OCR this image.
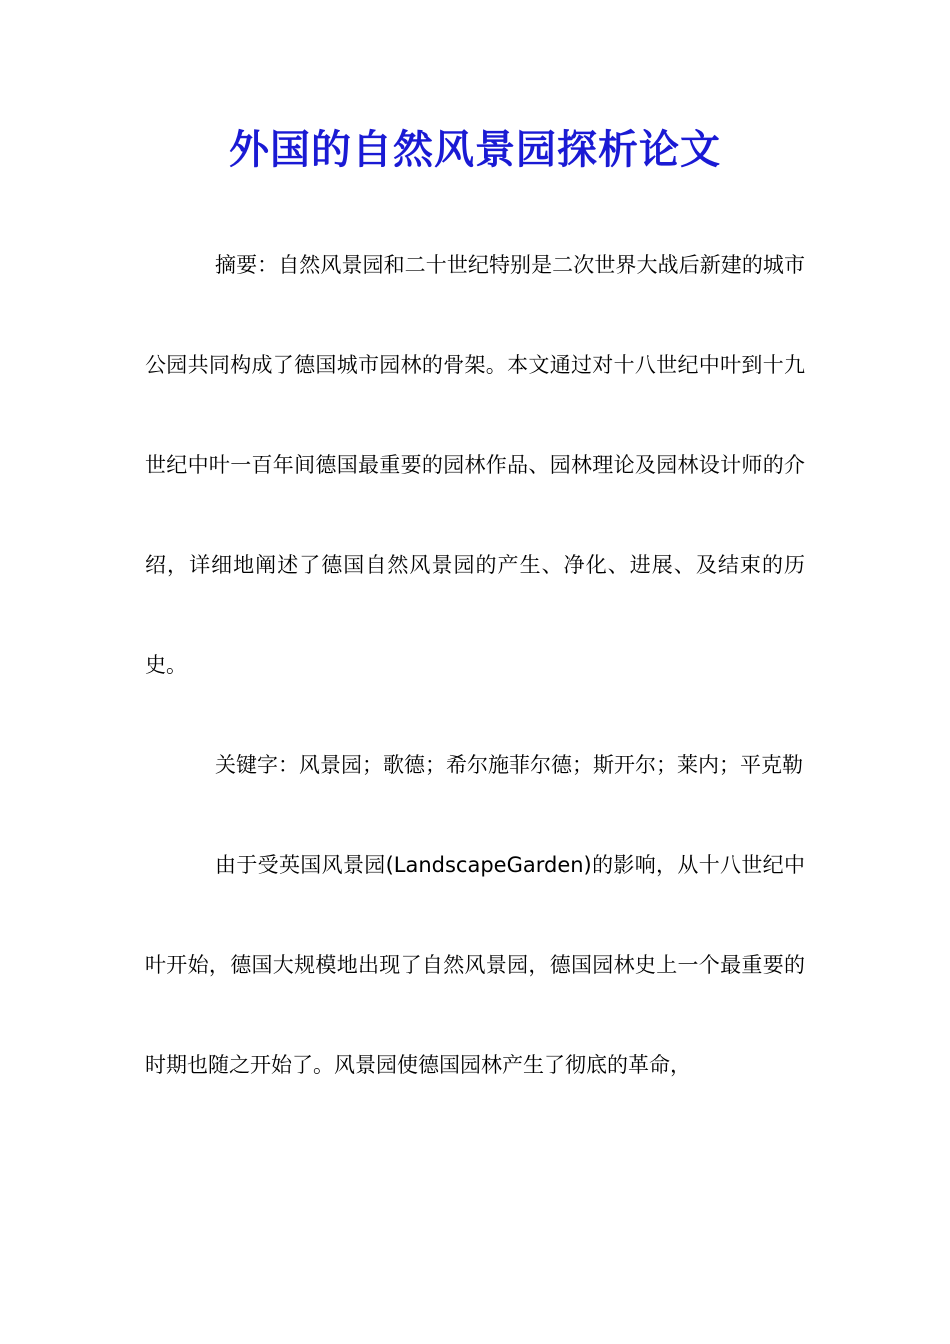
外国的自然风景园探析论文

摘要：自然风景园和二十世纪特别是二次世界大战后新建的城市公园共同构成了德国城市园林的骨架。本文通过对十八世纪中叶到十九世纪中叶一百年间德国最重要的园林作品、园林理论及园林设计师的介绍，详细地阐述了德国自然风景园的产生、净化、进展、及结束的历史。

关键字：风景园；歌德；希尔施菲尔德；斯开尔；莱内；平克勒

由于受英国风景园(LandscapeGarden)的影响，从十八世纪中叶开始，德国大规模地出现了自然风景园，德国园林史上一个最重要的时期也随之开始了。风景园使德国园林产生了彻底的革命，
